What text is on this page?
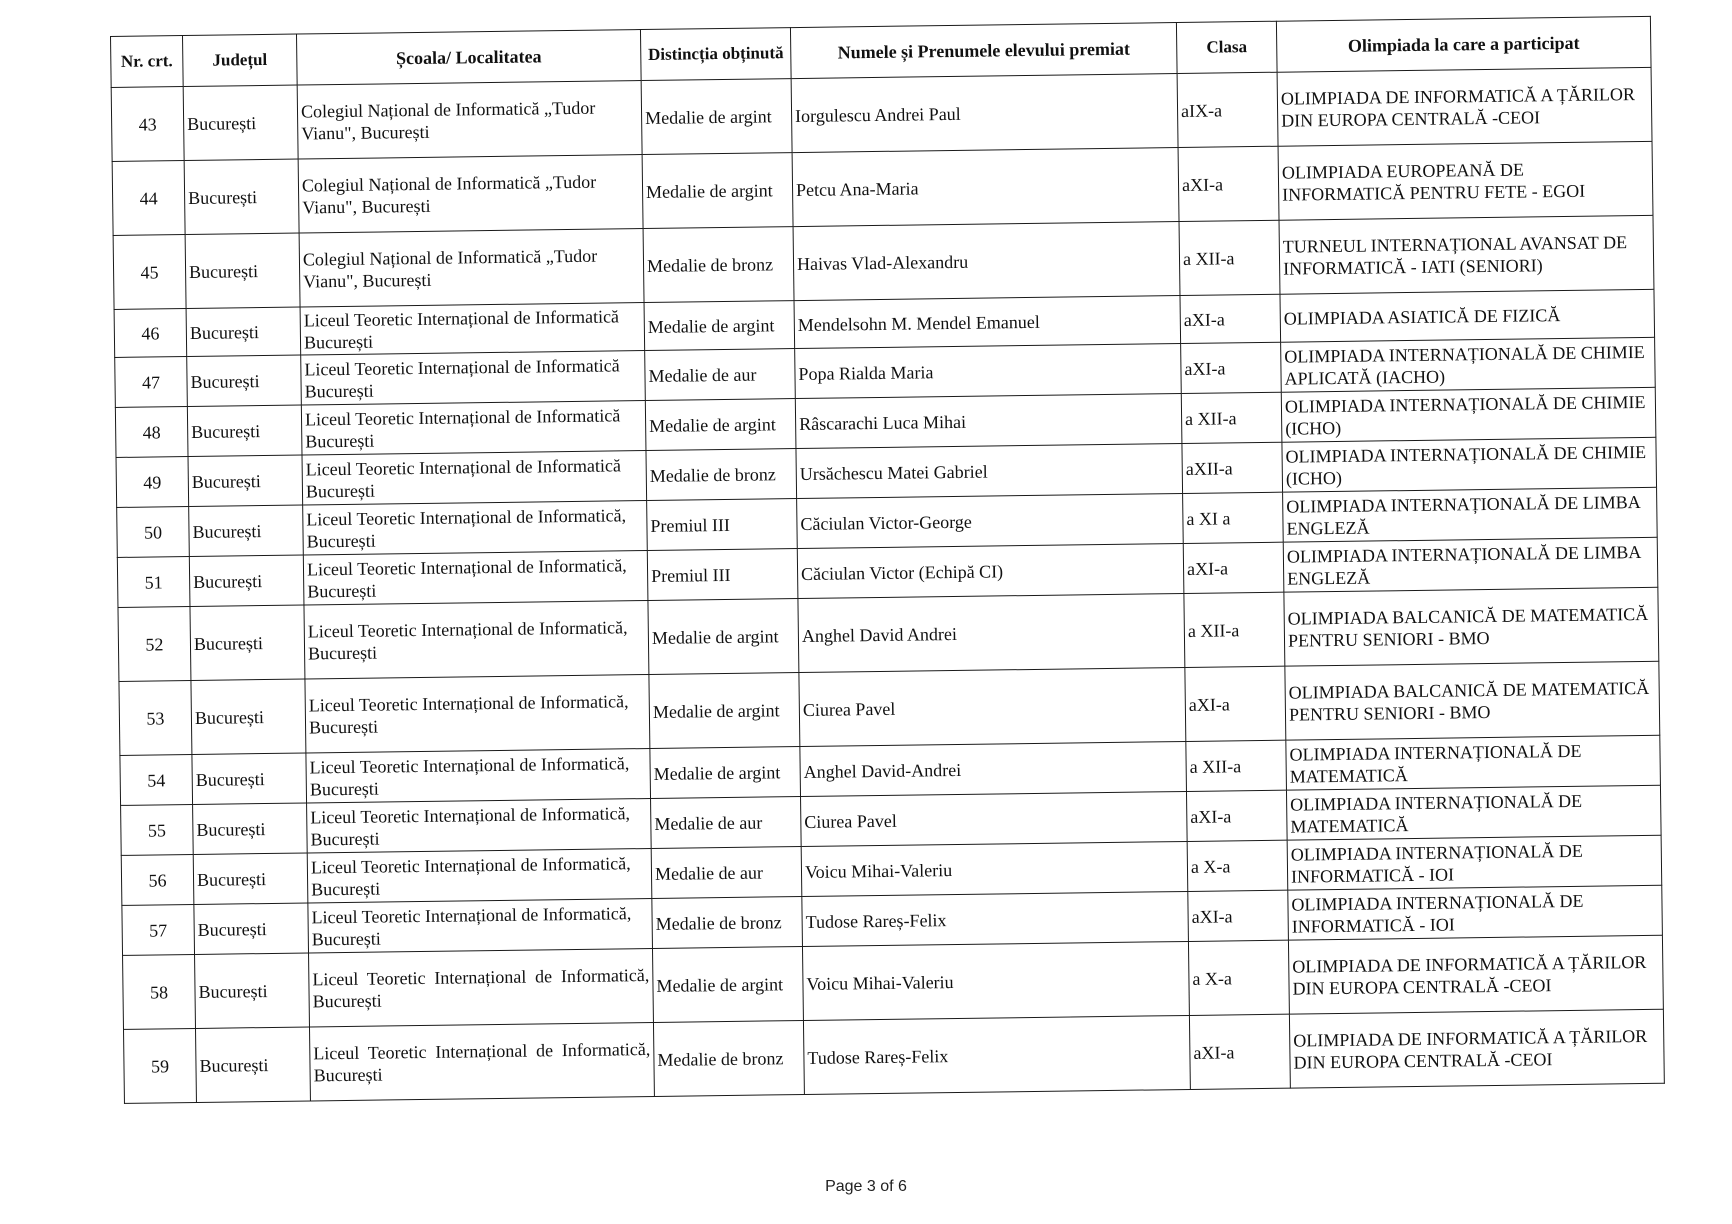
Nr. crt.	Județul	Școala/ Localitatea	Distincția obținută	Numele și Prenumele elevului premiat	Clasa	Olimpiada la care a participat
43	București	Colegiul Național de Informatică „Tudor Vianu", București	Medalie de argint	Iorgulescu Andrei Paul	aIX-a	OLIMPIADA DE INFORMATICĂ A ȚĂRILOR DIN EUROPA CENTRALĂ -CEOI
44	București	Colegiul Național de Informatică „Tudor Vianu", București	Medalie de argint	Petcu Ana-Maria	aXI-a	OLIMPIADA EUROPEANĂ DE INFORMATICĂ PENTRU FETE - EGOI
45	București	Colegiul Național de Informatică „Tudor Vianu", București	Medalie de bronz	Haivas Vlad-Alexandru	a XII-a	TURNEUL INTERNAȚIONAL AVANSAT DE INFORMATICĂ - IATI (SENIORI)
46	București	Liceul Teoretic Internațional de Informatică București	Medalie de argint	Mendelsohn M. Mendel Emanuel	aXI-a	OLIMPIADA ASIATICĂ DE FIZICĂ
47	București	Liceul Teoretic Internațional de Informatică București	Medalie de aur	Popa Rialda Maria	aXI-a	OLIMPIADA INTERNAȚIONALĂ DE CHIMIE APLICATĂ (IACHO)
48	București	Liceul Teoretic Internațional de Informatică București	Medalie de argint	Râscarachi Luca Mihai	a XII-a	OLIMPIADA INTERNAȚIONALĂ DE CHIMIE (ICHO)
49	București	Liceul Teoretic Internațional de Informatică București	Medalie de bronz	Ursăchescu Matei Gabriel	aXII-a	OLIMPIADA INTERNAȚIONALĂ DE CHIMIE (ICHO)
50	București	Liceul Teoretic Internațional de Informatică, București	Premiul III	Căciulan Victor-George	a XI a	OLIMPIADA INTERNAȚIONALĂ DE LIMBA ENGLEZĂ
51	București	Liceul Teoretic Internațional de Informatică, București	Premiul III	Căciulan Victor (Echipă CI)	aXI-a	OLIMPIADA INTERNAȚIONALĂ DE LIMBA ENGLEZĂ
52	București	Liceul Teoretic Internațional de Informatică, București	Medalie de argint	Anghel David Andrei	a XII-a	OLIMPIADA BALCANICĂ DE MATEMATICĂ PENTRU SENIORI - BMO
53	București	Liceul Teoretic Internațional de Informatică, București	Medalie de argint	Ciurea Pavel	aXI-a	OLIMPIADA BALCANICĂ DE MATEMATICĂ PENTRU SENIORI - BMO
54	București	Liceul Teoretic Internațional de Informatică, București	Medalie de argint	Anghel David-Andrei	a XII-a	OLIMPIADA INTERNAȚIONALĂ DE MATEMATICĂ
55	București	Liceul Teoretic Internațional de Informatică, București	Medalie de aur	Ciurea Pavel	aXI-a	OLIMPIADA INTERNAȚIONALĂ DE MATEMATICĂ
56	București	Liceul Teoretic Internațional de Informatică, București	Medalie de aur	Voicu Mihai-Valeriu	a X-a	OLIMPIADA INTERNAȚIONALĂ DE INFORMATICĂ - IOI
57	București	Liceul Teoretic Internațional de Informatică, București	Medalie de bronz	Tudose Rareș-Felix	aXI-a	OLIMPIADA INTERNAȚIONALĂ DE INFORMATICĂ - IOI
58	București	Liceul Teoretic Internațional de Informatică, București	Medalie de argint	Voicu Mihai-Valeriu	a X-a	OLIMPIADA DE INFORMATICĂ A ȚĂRILOR DIN EUROPA CENTRALĂ -CEOI
59	București	Liceul Teoretic Internațional de Informatică, București	Medalie de bronz	Tudose Rareș-Felix	aXI-a	OLIMPIADA DE INFORMATICĂ A ȚĂRILOR DIN EUROPA CENTRALĂ -CEOI
Page 3 of 6
